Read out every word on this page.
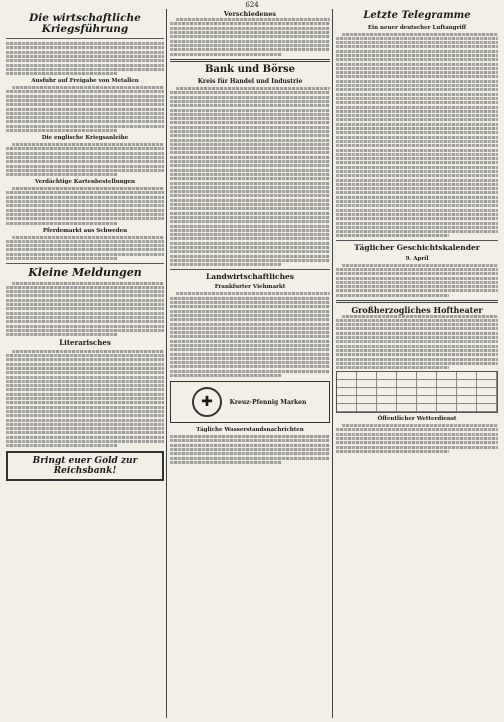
624
Die wirtschaftliche Kriegsführung
Ausfuhr auf Freigabe von Metallen
Die englische Kriegsanleihe
Verdächtige Kartenbestellungen
Pferdemarkt aus Schweden
Kleine Meldungen
Literarisches
Bringt euer Gold zur Reichsbank!
Verschiedenes
Bank und Börse
Kreis für Handel und Industrie
Landwirtschaftliches
Frankfurter Viehmarkt
✚	Kreuz-Pfennig Marken
Tägliche Wasserstandsnachrichten
Letzte Telegramme
Ein neuer deutscher Luftangriff
Täglicher Geschichtskalender
9. April
Großherzogliches Hoftheater
Öffentlicher Wetterdienst
